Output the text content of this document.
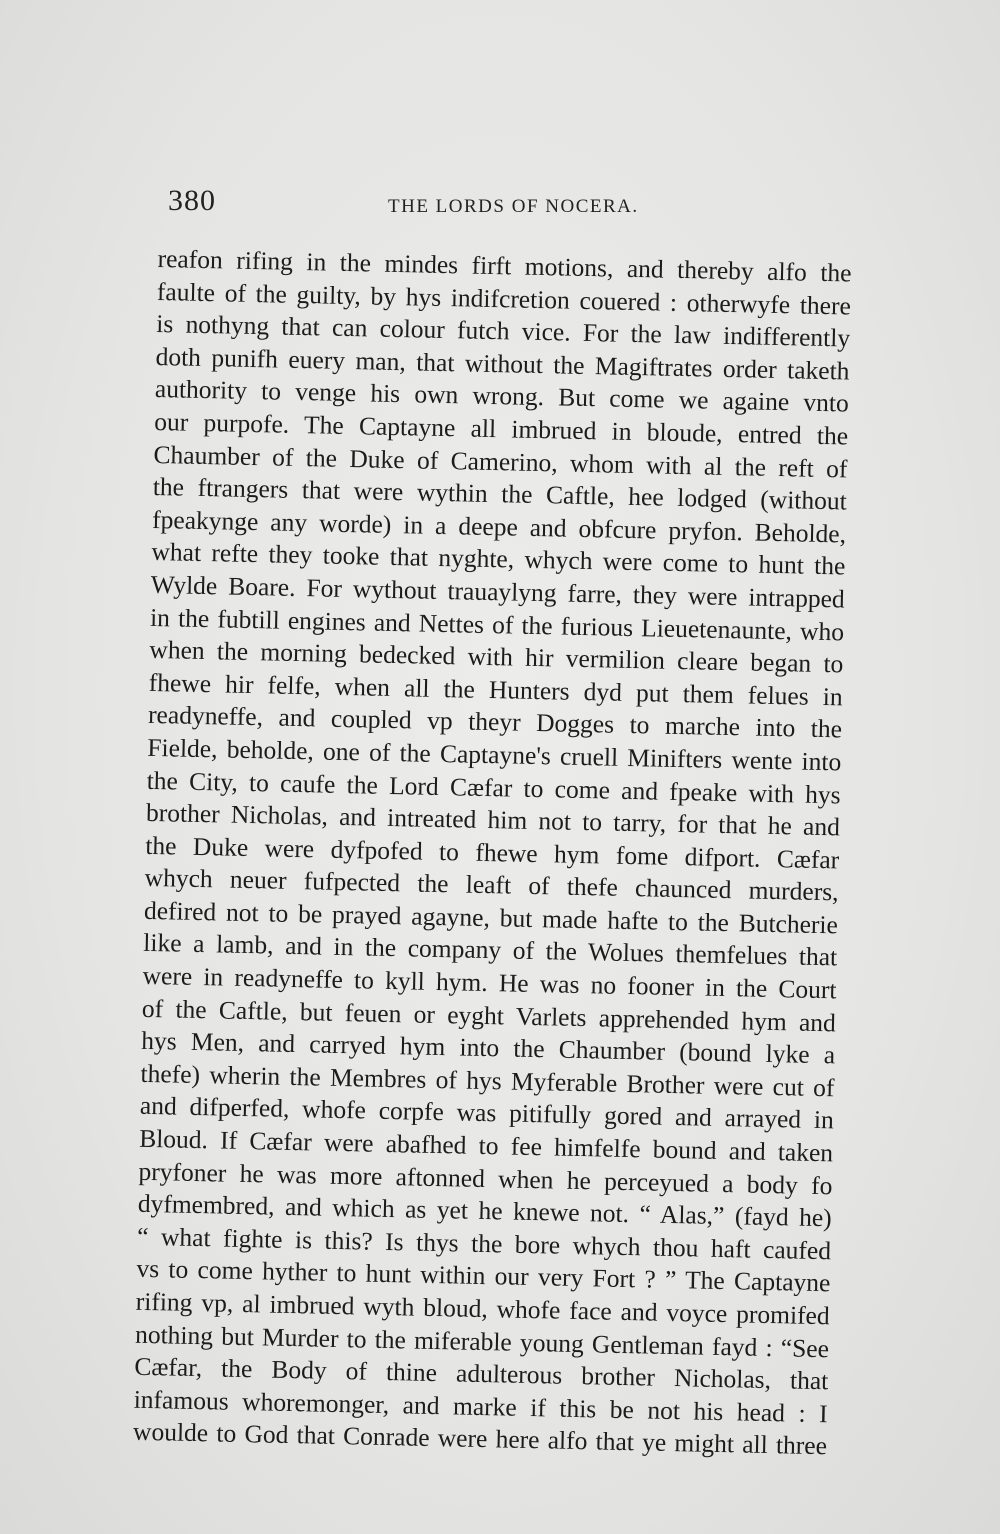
380	THE LORDS OF NOCERA.
reafon rifing in the mindes firft motions, and thereby alfo the
faulte of the guilty, by hys indifcretion couered : otherwyfe there
is nothyng that can colour futch vice. For the law indifferently
doth punifh euery man, that without the Magiftrates order taketh
authority to venge his own wrong. But come we againe vnto
our purpofe. The Captayne all imbrued in bloude, entred the
Chaumber of the Duke of Camerino, whom with al the reft of
the ftrangers that were wythin the Caftle, hee lodged (without
fpeakynge any worde) in a deepe and obfcure pryfon. Beholde,
what refte they tooke that nyghte, whych were come to hunt the
Wylde Boare. For wythout trauaylyng farre, they were intrapped
in the fubtill engines and Nettes of the furious Lieuetenaunte, who
when the morning bedecked with hir vermilion cleare began to
fhewe hir felfe, when all the Hunters dyd put them felues in
readyneffe, and coupled vp theyr Dogges to marche into the
Fielde, beholde, one of the Captayne's cruell Minifters wente into
the City, to caufe the Lord Cæfar to come and fpeake with hys
brother Nicholas, and intreated him not to tarry, for that he and
the Duke were dyfpofed to fhewe hym fome difport. Cæfar
whych neuer fufpected the leaft of thefe chaunced murders,
defired not to be prayed agayne, but made hafte to the Butcherie
like a lamb, and in the company of the Wolues themfelues that
were in readyneffe to kyll hym. He was no fooner in the Court
of the Caftle, but feuen or eyght Varlets apprehended hym and
hys Men, and carryed hym into the Chaumber (bound lyke a
thefe) wherin the Membres of hys Myferable Brother were cut of
and difperfed, whofe corpfe was pitifully gored and arrayed in
Bloud. If Cæfar were abafhed to fee himfelfe bound and taken
pryfoner he was more aftonned when he perceyued a body fo
dyfmembred, and which as yet he knewe not. “ Alas,” (fayd he)
“ what fighte is this? Is thys the bore whych thou haft caufed
vs to come hyther to hunt within our very Fort ? ” The Captayne
rifing vp, al imbrued wyth bloud, whofe face and voyce promifed
nothing but Murder to the miferable young Gentleman fayd : “See
Cæfar, the Body of thine adulterous brother Nicholas, that
infamous whoremonger, and marke if this be not his head : I
woulde to God that Conrade were here alfo that ye might all three
